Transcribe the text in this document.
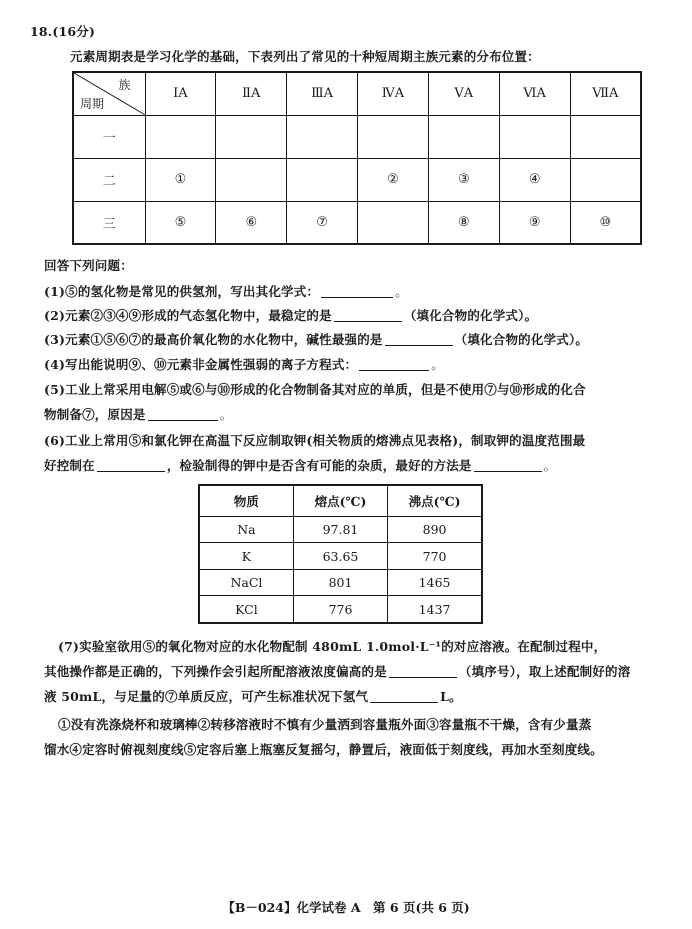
18.(16分)
元素周期表是学习化学的基础，下表列出了常见的十种短周期主族元素的分布位置：
族
周期	ⅠA	ⅡA	ⅢA	ⅣA	ⅤA	ⅥA	ⅦA
一							
二	①			②	③	④	
三	⑤	⑥	⑦		⑧	⑨	⑩
回答下列问题：
(1)⑤的氢化物是常见的供氢剂，写出其化学式：	。
(2)元素②③④⑨形成的气态氢化物中，最稳定的是	（填化合物的化学式）。
(3)元素①⑤⑥⑦的最高价氧化物的水化物中，碱性最强的是	（填化合物的化学式）。
(4)写出能说明⑨、⑩元素非金属性强弱的离子方程式：	。
(5)工业上常采用电解⑤或⑥与⑩形成的化合物制备其对应的单质，但是不使用⑦与⑩形成的化合
物制备⑦，原因是	。
(6)工业上常用⑤和氯化钾在高温下反应制取钾(相关物质的熔沸点见表格)，制取钾的温度范围最
好控制在	，检验制得的钾中是否含有可能的杂质，最好的方法是	。
物质	熔点(℃)	沸点(℃)
Na	97.81	890
K	63.65	770
NaCl	801	1465
KCl	776	1437
(7)实验室欲用⑤的氧化物对应的水化物配制 480mL 1.0mol·L⁻¹的对应溶液。在配制过程中，
其他操作都是正确的，下列操作会引起所配溶液浓度偏高的是	（填序号），取上述配制好的溶
液 50mL，与足量的⑦单质反应，可产生标准状况下氢气	L。
①没有洗涤烧杯和玻璃棒②转移溶液时不慎有少量洒到容量瓶外面③容量瓶不干燥，含有少量蒸
馏水④定容时俯视刻度线⑤定容后塞上瓶塞反复摇匀，静置后，液面低于刻度线，再加水至刻度线。
【B－024】化学试卷 A　第 6 页(共 6 页)
